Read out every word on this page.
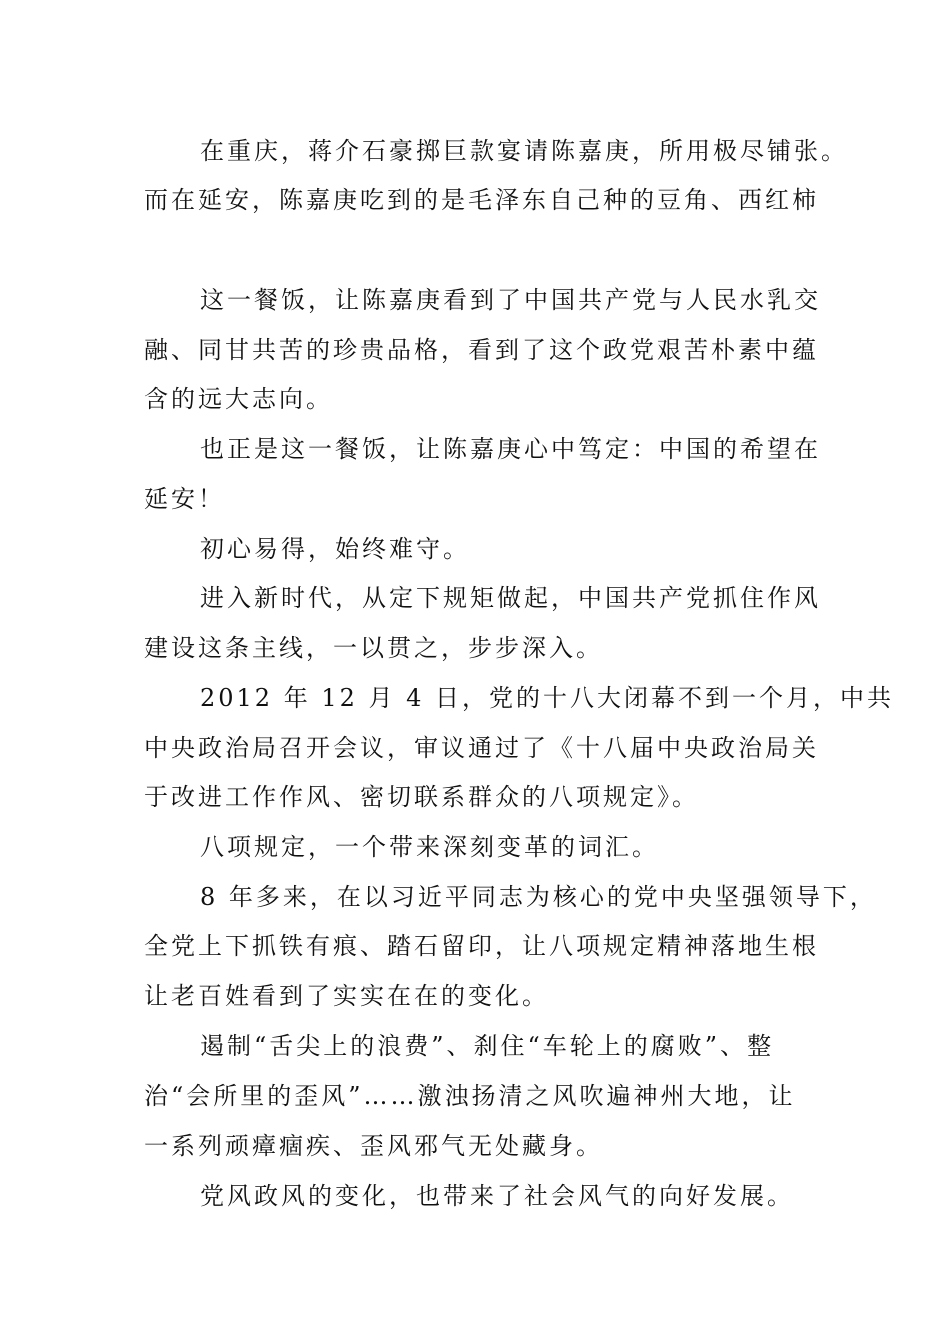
在重庆，蒋介石豪掷巨款宴请陈嘉庚，所用极尽铺张。
而在延安，陈嘉庚吃到的是毛泽东自己种的豆角、西红柿
这一餐饭，让陈嘉庚看到了中国共产党与人民水乳交
融、同甘共苦的珍贵品格，看到了这个政党艰苦朴素中蕴
含的远大志向。
也正是这一餐饭，让陈嘉庚心中笃定：中国的希望在
延安！
初心易得，始终难守。
进入新时代，从定下规矩做起，中国共产党抓住作风
建设这条主线，一以贯之，步步深入。
2012 年 12 月 4 日，党的十八大闭幕不到一个月，中共
中央政治局召开会议，审议通过了《十八届中央政治局关
于改进工作作风、密切联系群众的八项规定》。
八项规定，一个带来深刻变革的词汇。
8 年多来，在以习近平同志为核心的党中央坚强领导下，
全党上下抓铁有痕、踏石留印，让八项规定精神落地生根
让老百姓看到了实实在在的变化。
遏制“舌尖上的浪费”、刹住“车轮上的腐败”、整
治“会所里的歪风”……激浊扬清之风吹遍神州大地，让
一系列顽瘴痼疾、歪风邪气无处藏身。
党风政风的变化，也带来了社会风气的向好发展。
